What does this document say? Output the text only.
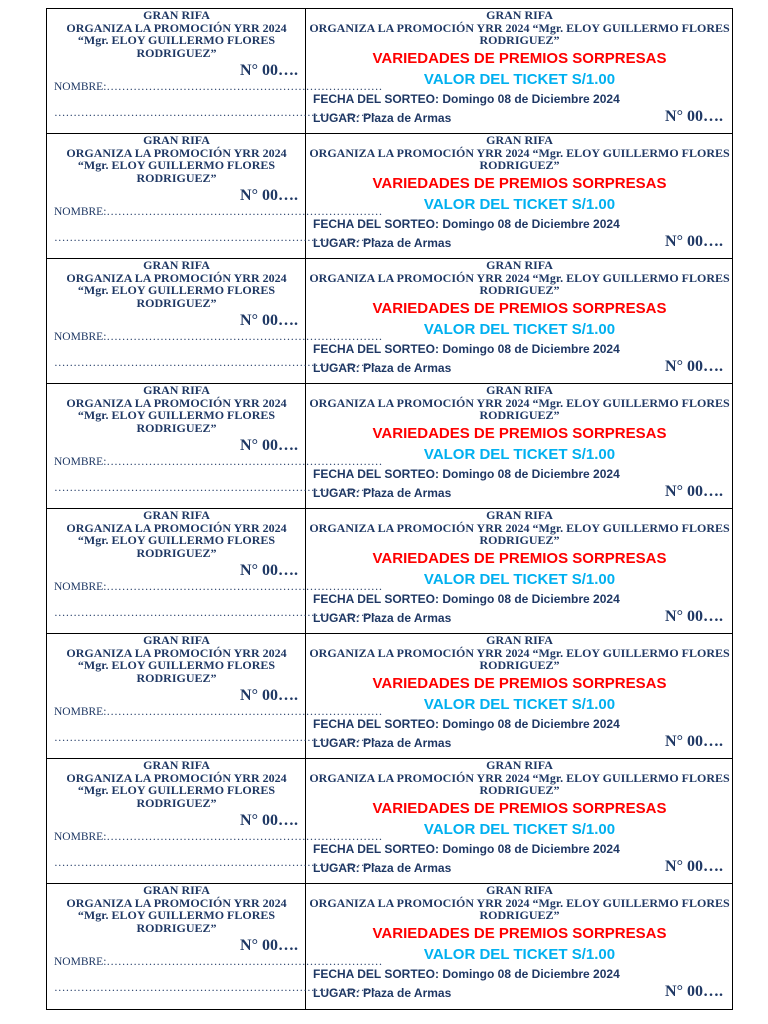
GRAN RIFA
ORGANIZA LA PROMOCIÓN YRR 2024
“Mgr. ELOY GUILLERMO FLORES
RODRIGUEZ”
N° 00….
NOMBRE:………………………………………………………………
…………………………………………………………………………
GRAN RIFA
ORGANIZA LA PROMOCIÓN YRR 2024 “Mgr. ELOY GUILLERMO FLORES
RODRIGUEZ”
VARIEDADES DE PREMIOS SORPRESAS
VALOR DEL TICKET S/1.00
FECHA DEL SORTEO: Domingo 08 de Diciembre 2024
LUGAR: Plaza de Armas	N° 00….
GRAN RIFA
ORGANIZA LA PROMOCIÓN YRR 2024
“Mgr. ELOY GUILLERMO FLORES
RODRIGUEZ”
N° 00….
NOMBRE:………………………………………………………………
…………………………………………………………………………
GRAN RIFA
ORGANIZA LA PROMOCIÓN YRR 2024 “Mgr. ELOY GUILLERMO FLORES
RODRIGUEZ”
VARIEDADES DE PREMIOS SORPRESAS
VALOR DEL TICKET S/1.00
FECHA DEL SORTEO: Domingo 08 de Diciembre 2024
LUGAR: Plaza de Armas	N° 00….
GRAN RIFA
ORGANIZA LA PROMOCIÓN YRR 2024
“Mgr. ELOY GUILLERMO FLORES
RODRIGUEZ”
N° 00….
NOMBRE:………………………………………………………………
…………………………………………………………………………
GRAN RIFA
ORGANIZA LA PROMOCIÓN YRR 2024 “Mgr. ELOY GUILLERMO FLORES
RODRIGUEZ”
VARIEDADES DE PREMIOS SORPRESAS
VALOR DEL TICKET S/1.00
FECHA DEL SORTEO: Domingo 08 de Diciembre 2024
LUGAR: Plaza de Armas	N° 00….
GRAN RIFA
ORGANIZA LA PROMOCIÓN YRR 2024
“Mgr. ELOY GUILLERMO FLORES
RODRIGUEZ”
N° 00….
NOMBRE:………………………………………………………………
…………………………………………………………………………
GRAN RIFA
ORGANIZA LA PROMOCIÓN YRR 2024 “Mgr. ELOY GUILLERMO FLORES
RODRIGUEZ”
VARIEDADES DE PREMIOS SORPRESAS
VALOR DEL TICKET S/1.00
FECHA DEL SORTEO: Domingo 08 de Diciembre 2024
LUGAR: Plaza de Armas	N° 00….
GRAN RIFA
ORGANIZA LA PROMOCIÓN YRR 2024
“Mgr. ELOY GUILLERMO FLORES
RODRIGUEZ”
N° 00….
NOMBRE:………………………………………………………………
…………………………………………………………………………
GRAN RIFA
ORGANIZA LA PROMOCIÓN YRR 2024 “Mgr. ELOY GUILLERMO FLORES
RODRIGUEZ”
VARIEDADES DE PREMIOS SORPRESAS
VALOR DEL TICKET S/1.00
FECHA DEL SORTEO: Domingo 08 de Diciembre 2024
LUGAR: Plaza de Armas	N° 00….
GRAN RIFA
ORGANIZA LA PROMOCIÓN YRR 2024
“Mgr. ELOY GUILLERMO FLORES
RODRIGUEZ”
N° 00….
NOMBRE:………………………………………………………………
…………………………………………………………………………
GRAN RIFA
ORGANIZA LA PROMOCIÓN YRR 2024 “Mgr. ELOY GUILLERMO FLORES
RODRIGUEZ”
VARIEDADES DE PREMIOS SORPRESAS
VALOR DEL TICKET S/1.00
FECHA DEL SORTEO: Domingo 08 de Diciembre 2024
LUGAR: Plaza de Armas	N° 00….
GRAN RIFA
ORGANIZA LA PROMOCIÓN YRR 2024
“Mgr. ELOY GUILLERMO FLORES
RODRIGUEZ”
N° 00….
NOMBRE:………………………………………………………………
…………………………………………………………………………
GRAN RIFA
ORGANIZA LA PROMOCIÓN YRR 2024 “Mgr. ELOY GUILLERMO FLORES
RODRIGUEZ”
VARIEDADES DE PREMIOS SORPRESAS
VALOR DEL TICKET S/1.00
FECHA DEL SORTEO: Domingo 08 de Diciembre 2024
LUGAR: Plaza de Armas	N° 00….
GRAN RIFA
ORGANIZA LA PROMOCIÓN YRR 2024
“Mgr. ELOY GUILLERMO FLORES
RODRIGUEZ”
N° 00….
NOMBRE:………………………………………………………………
…………………………………………………………………………
GRAN RIFA
ORGANIZA LA PROMOCIÓN YRR 2024 “Mgr. ELOY GUILLERMO FLORES
RODRIGUEZ”
VARIEDADES DE PREMIOS SORPRESAS
VALOR DEL TICKET S/1.00
FECHA DEL SORTEO: Domingo 08 de Diciembre 2024
LUGAR: Plaza de Armas	N° 00….
